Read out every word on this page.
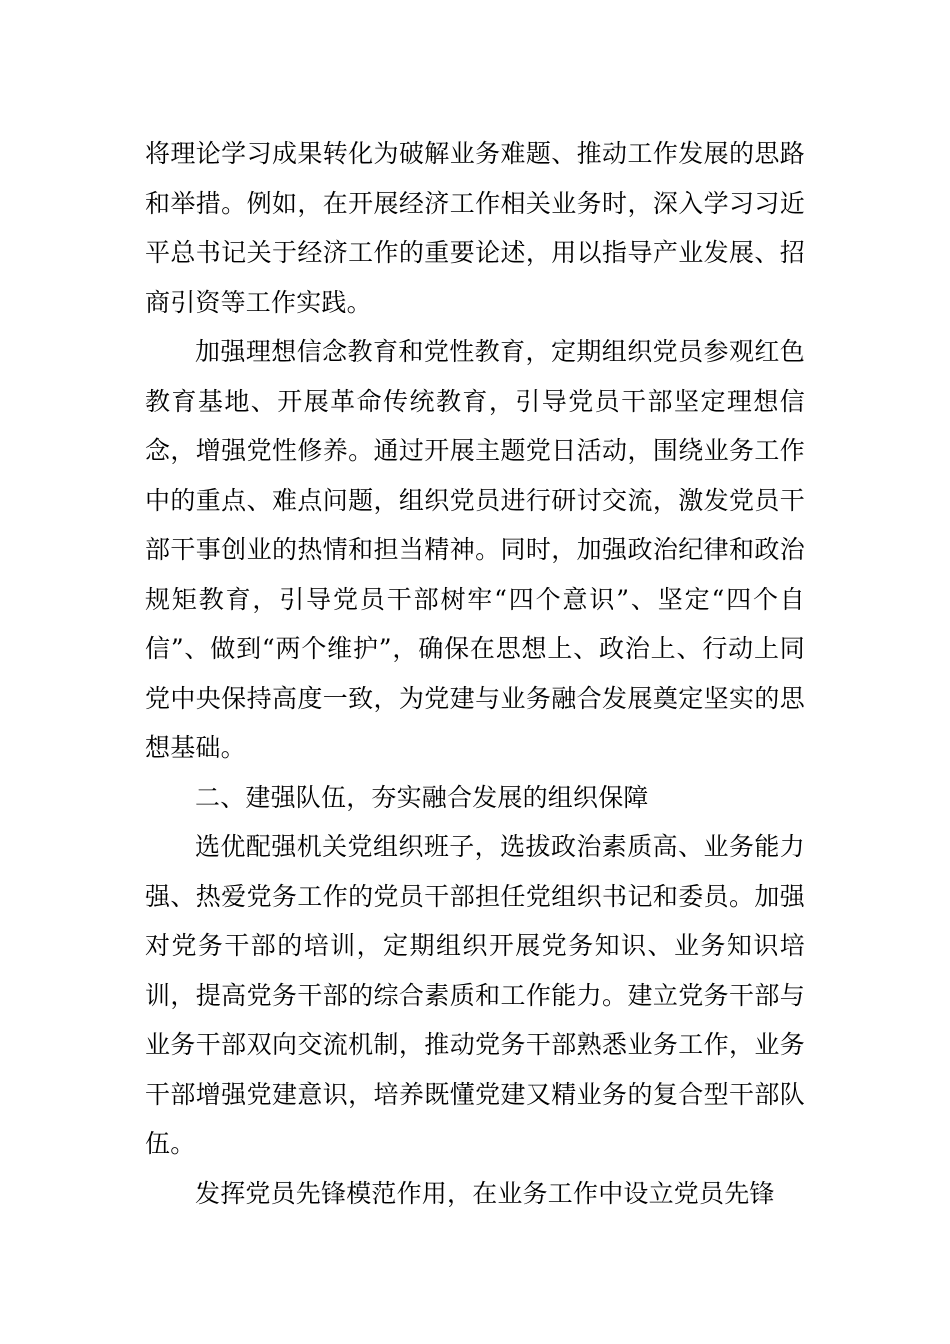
将理论学习成果转化为破解业务难题、推动工作发展的思路和举措。例如，在开展经济工作相关业务时，深入学习习近平总书记关于经济工作的重要论述，用以指导产业发展、招商引资等工作实践。

加强理想信念教育和党性教育，定期组织党员参观红色教育基地、开展革命传统教育，引导党员干部坚定理想信念，增强党性修养。通过开展主题党日活动，围绕业务工作中的重点、难点问题，组织党员进行研讨交流，激发党员干部干事创业的热情和担当精神。同时，加强政治纪律和政治规矩教育，引导党员干部树牢“四个意识”、坚定“四个自信”、做到“两个维护”，确保在思想上、政治上、行动上同党中央保持高度一致，为党建与业务融合发展奠定坚实的思想基础。

二、建强队伍，夯实融合发展的组织保障

选优配强机关党组织班子，选拔政治素质高、业务能力强、热爱党务工作的党员干部担任党组织书记和委员。加强对党务干部的培训，定期组织开展党务知识、业务知识培训，提高党务干部的综合素质和工作能力。建立党务干部与业务干部双向交流机制，推动党务干部熟悉业务工作，业务干部增强党建意识，培养既懂党建又精业务的复合型干部队伍。

发挥党员先锋模范作用，在业务工作中设立党员先锋
